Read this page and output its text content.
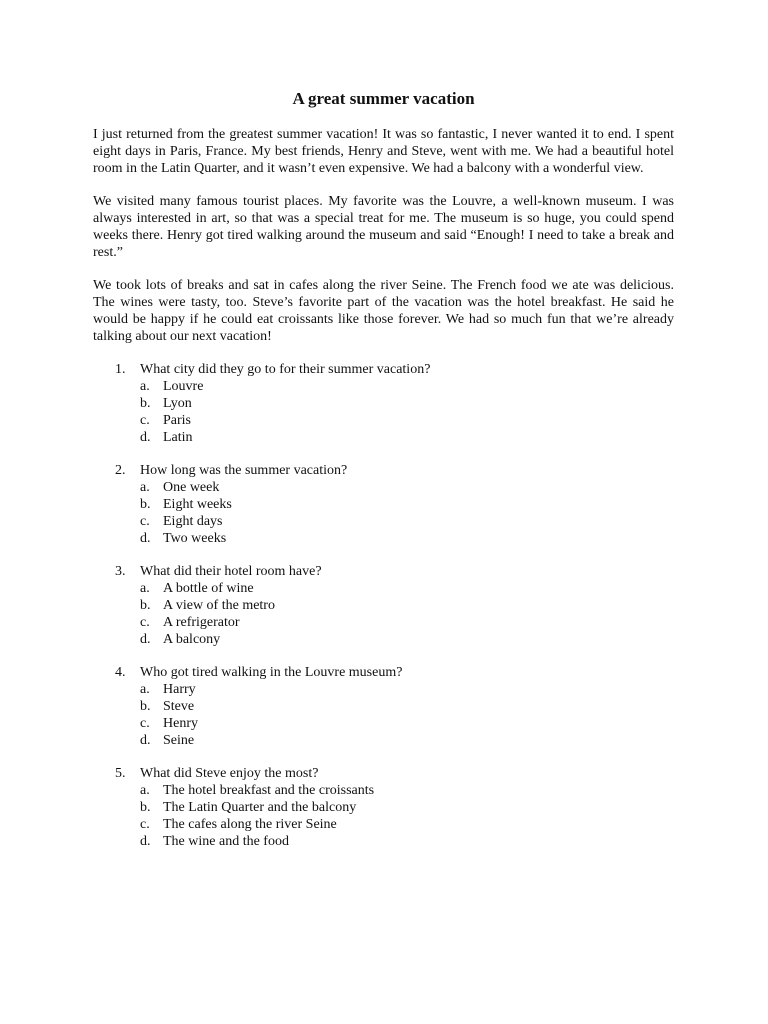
A great summer vacation

I just returned from the greatest summer vacation! It was so fantastic, I never wanted it to end. I spent eight days in Paris, France. My best friends, Henry and Steve, went with me. We had a beautiful hotel room in the Latin Quarter, and it wasn’t even expensive. We had a balcony with a wonderful view.

We visited many famous tourist places. My favorite was the Louvre, a well-known museum. I was always interested in art, so that was a special treat for me. The museum is so huge, you could spend weeks there. Henry got tired walking around the museum and said “Enough! I need to take a break and rest.”

We took lots of breaks and sat in cafes along the river Seine. The French food we ate was delicious. The wines were tasty, too. Steve’s favorite part of the vacation was the hotel breakfast. He said he would be happy if he could eat croissants like those forever. We had so much fun that we’re already talking about our next vacation!

1. What city did they go to for their summer vacation?
a. Louvre
b. Lyon
c. Paris
d. Latin
2. How long was the summer vacation?
a. One week
b. Eight weeks
c. Eight days
d. Two weeks
3. What did their hotel room have?
a. A bottle of wine
b. A view of the metro
c. A refrigerator
d. A balcony
4. Who got tired walking in the Louvre museum?
a. Harry
b. Steve
c. Henry
d. Seine
5. What did Steve enjoy the most?
a. The hotel breakfast and the croissants
b. The Latin Quarter and the balcony
c. The cafes along the river Seine
d. The wine and the food
